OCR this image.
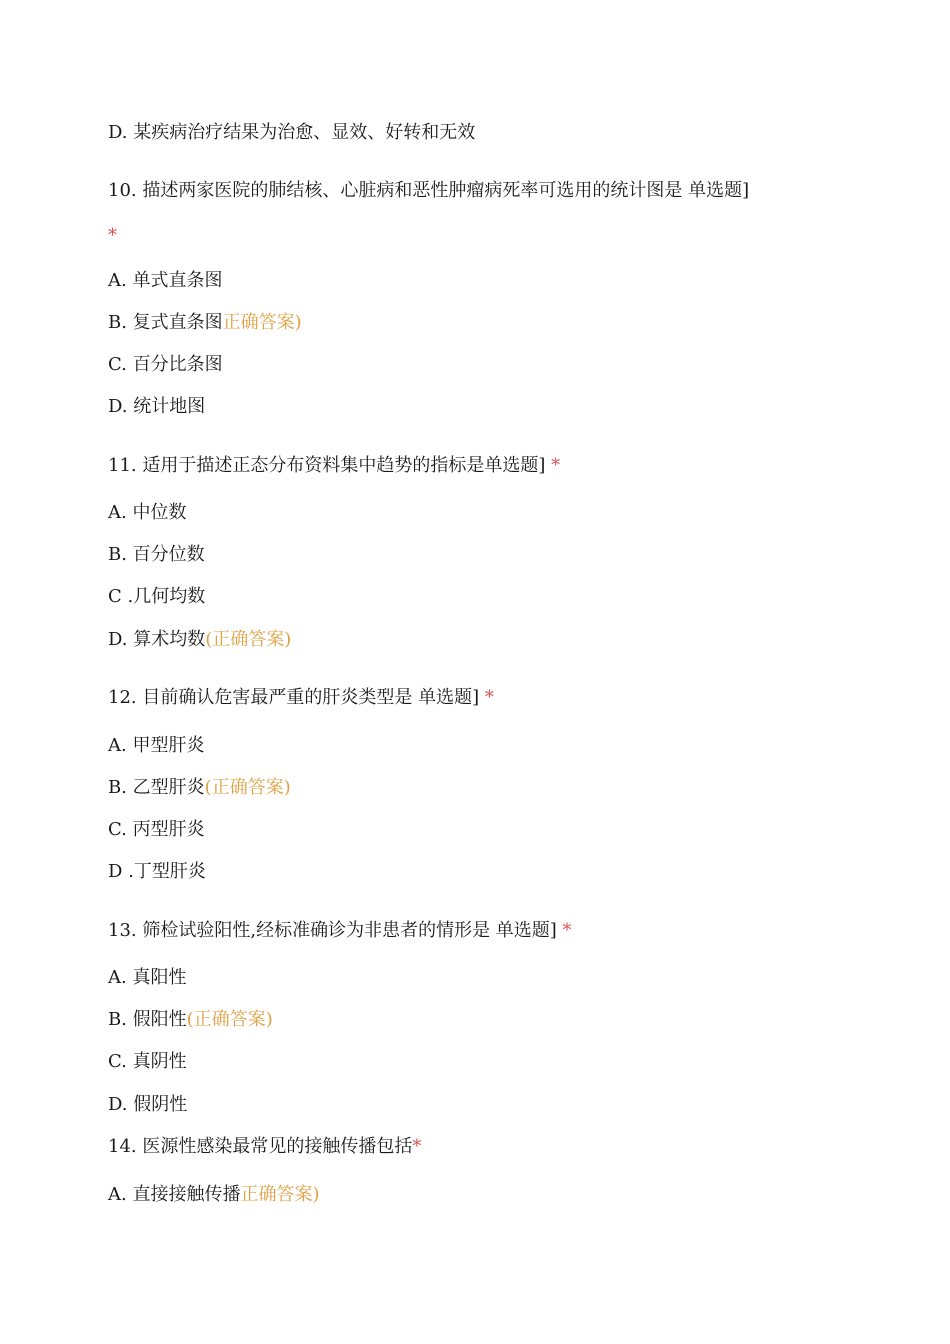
D. 某疾病治疗结果为治愈、显效、好转和无效
10. 描述两家医院的肺结核、心脏病和恶性肿瘤病死率可选用的统计图是 单选题]
*
A. 单式直条图
B. 复式直条图正确答案)
C. 百分比条图
D. 统计地图
11. 适用于描述正态分布资料集中趋势的指标是单选题] *
A. 中位数
B. 百分位数
C .几何均数
D. 算术均数(正确答案)
12. 目前确认危害最严重的肝炎类型是 单选题] *
A. 甲型肝炎
B. 乙型肝炎(正确答案)
C. 丙型肝炎
D .丁型肝炎
13. 筛检试验阳性,经标准确诊为非患者的情形是 单选题] *
A. 真阳性
B. 假阳性(正确答案)
C. 真阴性
D. 假阴性
14. 医源性感染最常见的接触传播包括*
A. 直接接触传播正确答案)
